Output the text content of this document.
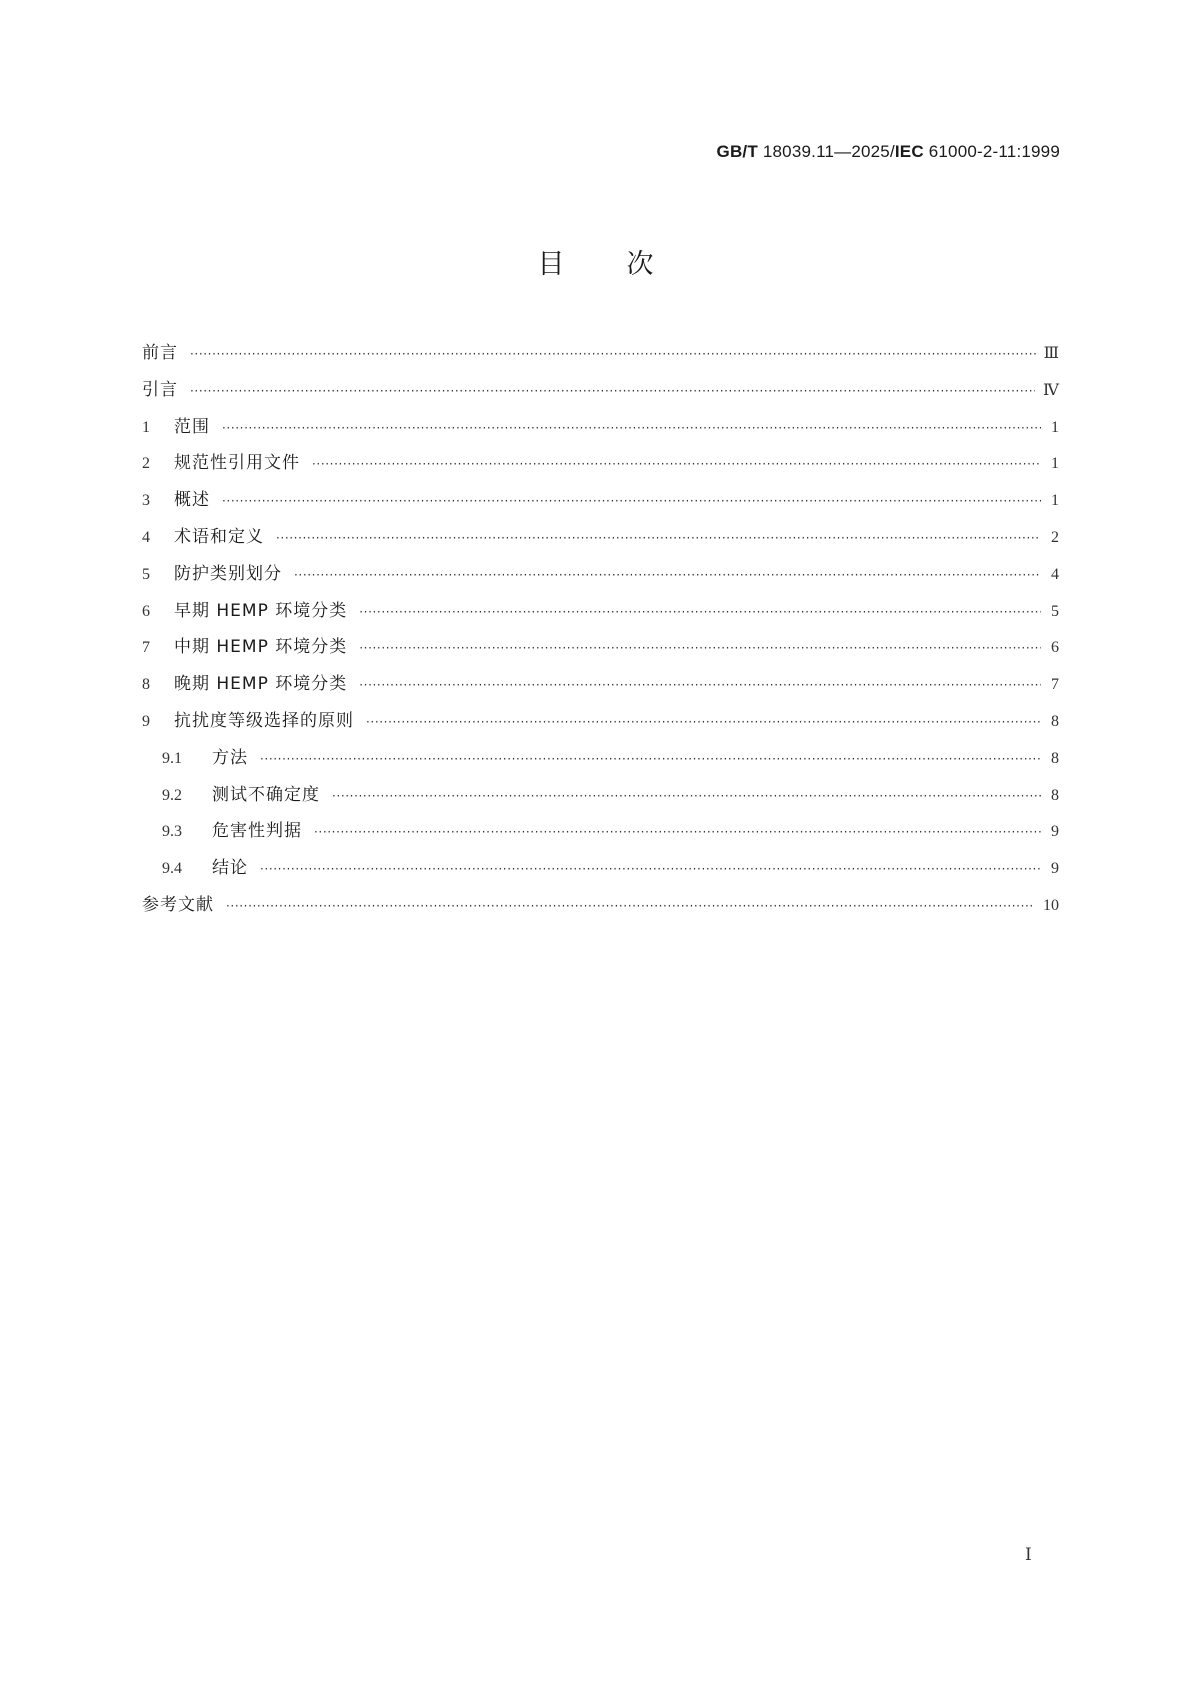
GB/T 18039.11—2025/IEC 61000-2-11:1999
目 次
前言 ·····	Ⅲ
引言 ·····	Ⅳ
1	范围 ·····	1
2	规范性引用文件 ·····	1
3	概述 ·····	1
4	术语和定义 ·····	2
5	防护类别划分 ·····	4
6	早期 HEMP 环境分类 ·····	5
7	中期 HEMP 环境分类 ·····	6
8	晚期 HEMP 环境分类 ·····	7
9	抗扰度等级选择的原则 ·····	8
9.1	方法 ·····	8
9.2	测试不确定度 ·····	8
9.3	危害性判据 ·····	9
9.4	结论 ·····	9
参考文献 ·····	10
Ⅰ
